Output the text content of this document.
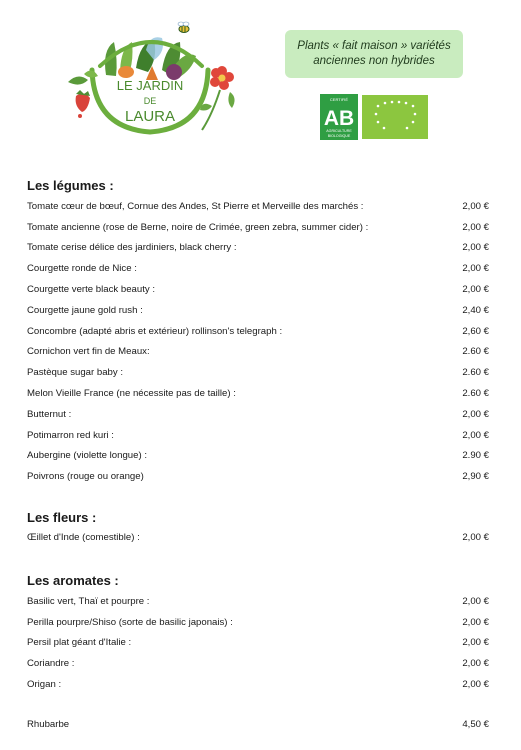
LE JARDIN
DE
LAURA
Plants « fait maison » variétés
anciennes non hybrides
CERTIFIÉ
AB
AGRICULTURE
BIOLOGIQUE
Les légumes :
Tomate cœur de bœuf, Cornue des Andes, St Pierre et Merveille des marchés :	2,00 €
Tomate ancienne (rose de Berne, noire de Crimée, green zebra, summer cider) :	2,00 €
Tomate cerise délice des jardiniers, black cherry :	2,00 €
Courgette ronde de Nice :	2,00 €
Courgette verte black beauty :	2,00 €
Courgette jaune gold rush :	2,40 €
Concombre (adapté abris et extérieur) rollinson's telegraph :	2,60 €
Cornichon vert fin de Meaux:	2.60 €
Pastèque sugar baby :	2.60 €
Melon Vieille France (ne nécessite pas de taille) :	2.60 €
Butternut :	2,00 €
Potimarron red kuri :	2,00 €
Aubergine (violette longue) :	2.90 €
Poivrons (rouge ou orange)	2,90 €
Les fleurs :
Œillet d'Inde (comestible) :	2,00 €
Les aromates :
Basilic vert, Thaï et pourpre :	2,00 €
Perilla pourpre/Shiso (sorte de basilic japonais) :	2,00 €
Persil plat géant d'Italie :	2,00 €
Coriandre :	2,00 €
Origan :	2,00 €
Rhubarbe	4,50 €
